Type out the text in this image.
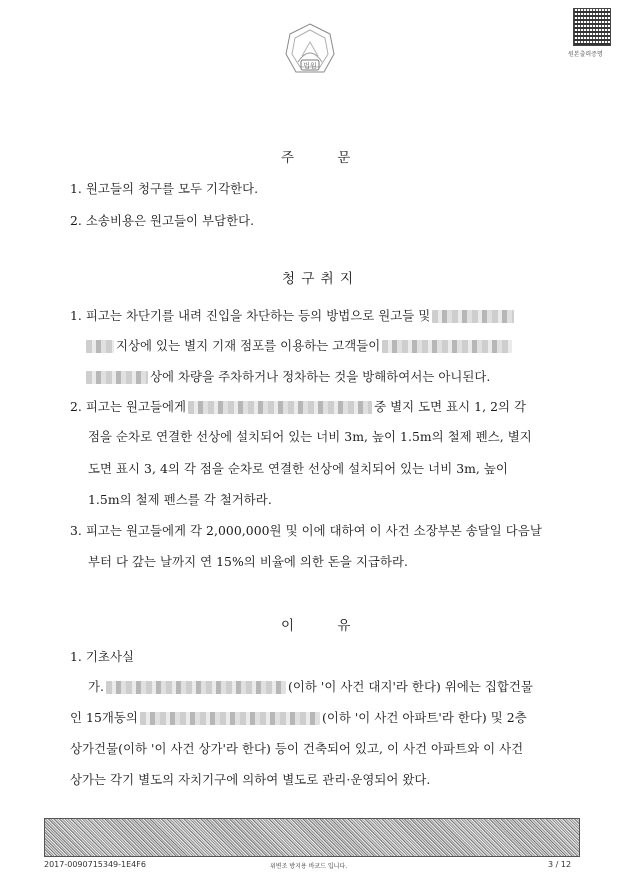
법원
원본출력증명
주        문
1. 원고들의 청구를 모두 기각한다.
2. 소송비용은 원고들이 부담한다.
청 구 취 지
1. 피고는 차단기를 내려 진입을 차단하는 등의 방법으로 원고들 및
지상에 있는 별지 기재 점포를 이용하는 고객들이
상에 차량을 주차하거나 정차하는 것을 방해하여서는 아니된다.
2. 피고는 원고들에게	중 별지 도면 표시 1, 2의 각
점을 순차로 연결한 선상에 설치되어 있는 너비 3m, 높이 1.5m의 철제 펜스, 별지
도면 표시 3, 4의 각 점을 순차로 연결한 선상에 설치되어 있는 너비 3m, 높이
1.5m의 철제 펜스를 각 철거하라.
3. 피고는 원고들에게 각 2,000,000원 및 이에 대하여 이 사건 소장부본 송달일 다음날
부터 다 갚는 날까지 연 15%의 비율에 의한 돈을 지급하라.
이        유
1. 기초사실
가.	(이하 '이 사건 대지'라 한다) 위에는 집합건물
인 15개동의	(이하 '이 사건 아파트'라 한다) 및 2층
상가건물(이하 '이 사건 상가'라 한다) 등이 건축되어 있고, 이 사건 아파트와 이 사건
상가는 각기 별도의 자치기구에 의하여 별도로 관리·운영되어 왔다.
2017-0090715349-1E4F6	위변조 방지용 바코드 입니다.	3 / 12
